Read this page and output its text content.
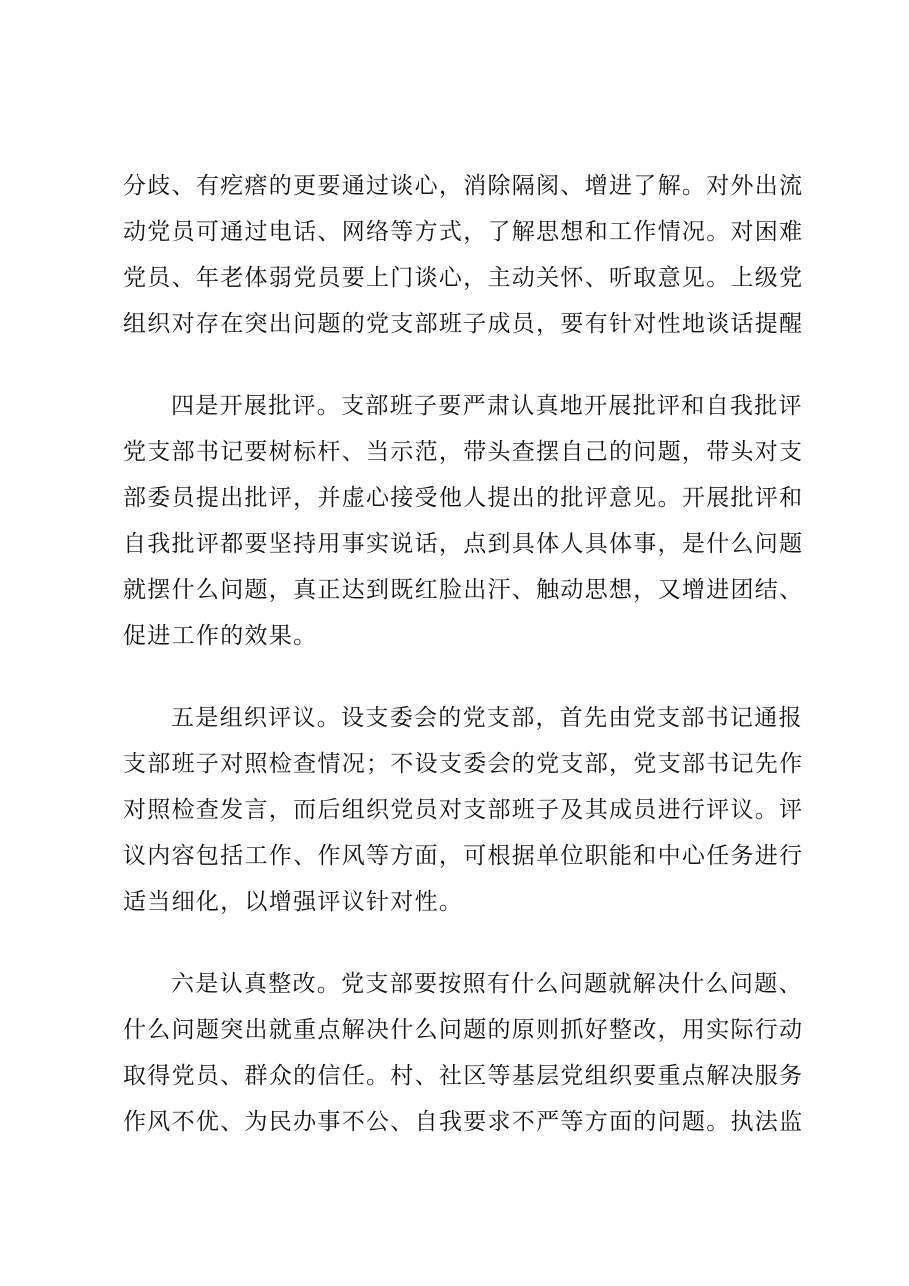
分歧、有疙瘩的更要通过谈心，消除隔阂、增进了解。对外出流
动党员可通过电话、网络等方式，了解思想和工作情况。对困难
党员、年老体弱党员要上门谈心，主动关怀、听取意见。上级党
组织对存在突出问题的党支部班子成员，要有针对性地谈话提醒

四是开展批评。支部班子要严肃认真地开展批评和自我批评
党支部书记要树标杆、当示范，带头查摆自己的问题，带头对支
部委员提出批评，并虚心接受他人提出的批评意见。开展批评和
自我批评都要坚持用事实说话，点到具体人具体事，是什么问题
就摆什么问题，真正达到既红脸出汗、触动思想，又增进团结、
促进工作的效果。

五是组织评议。设支委会的党支部，首先由党支部书记通报
支部班子对照检查情况；不设支委会的党支部，党支部书记先作
对照检查发言，而后组织党员对支部班子及其成员进行评议。评
议内容包括工作、作风等方面，可根据单位职能和中心任务进行
适当细化，以增强评议针对性。

六是认真整改。党支部要按照有什么问题就解决什么问题、
什么问题突出就重点解决什么问题的原则抓好整改，用实际行动
取得党员、群众的信任。村、社区等基层党组织要重点解决服务
作风不优、为民办事不公、自我要求不严等方面的问题。执法监
